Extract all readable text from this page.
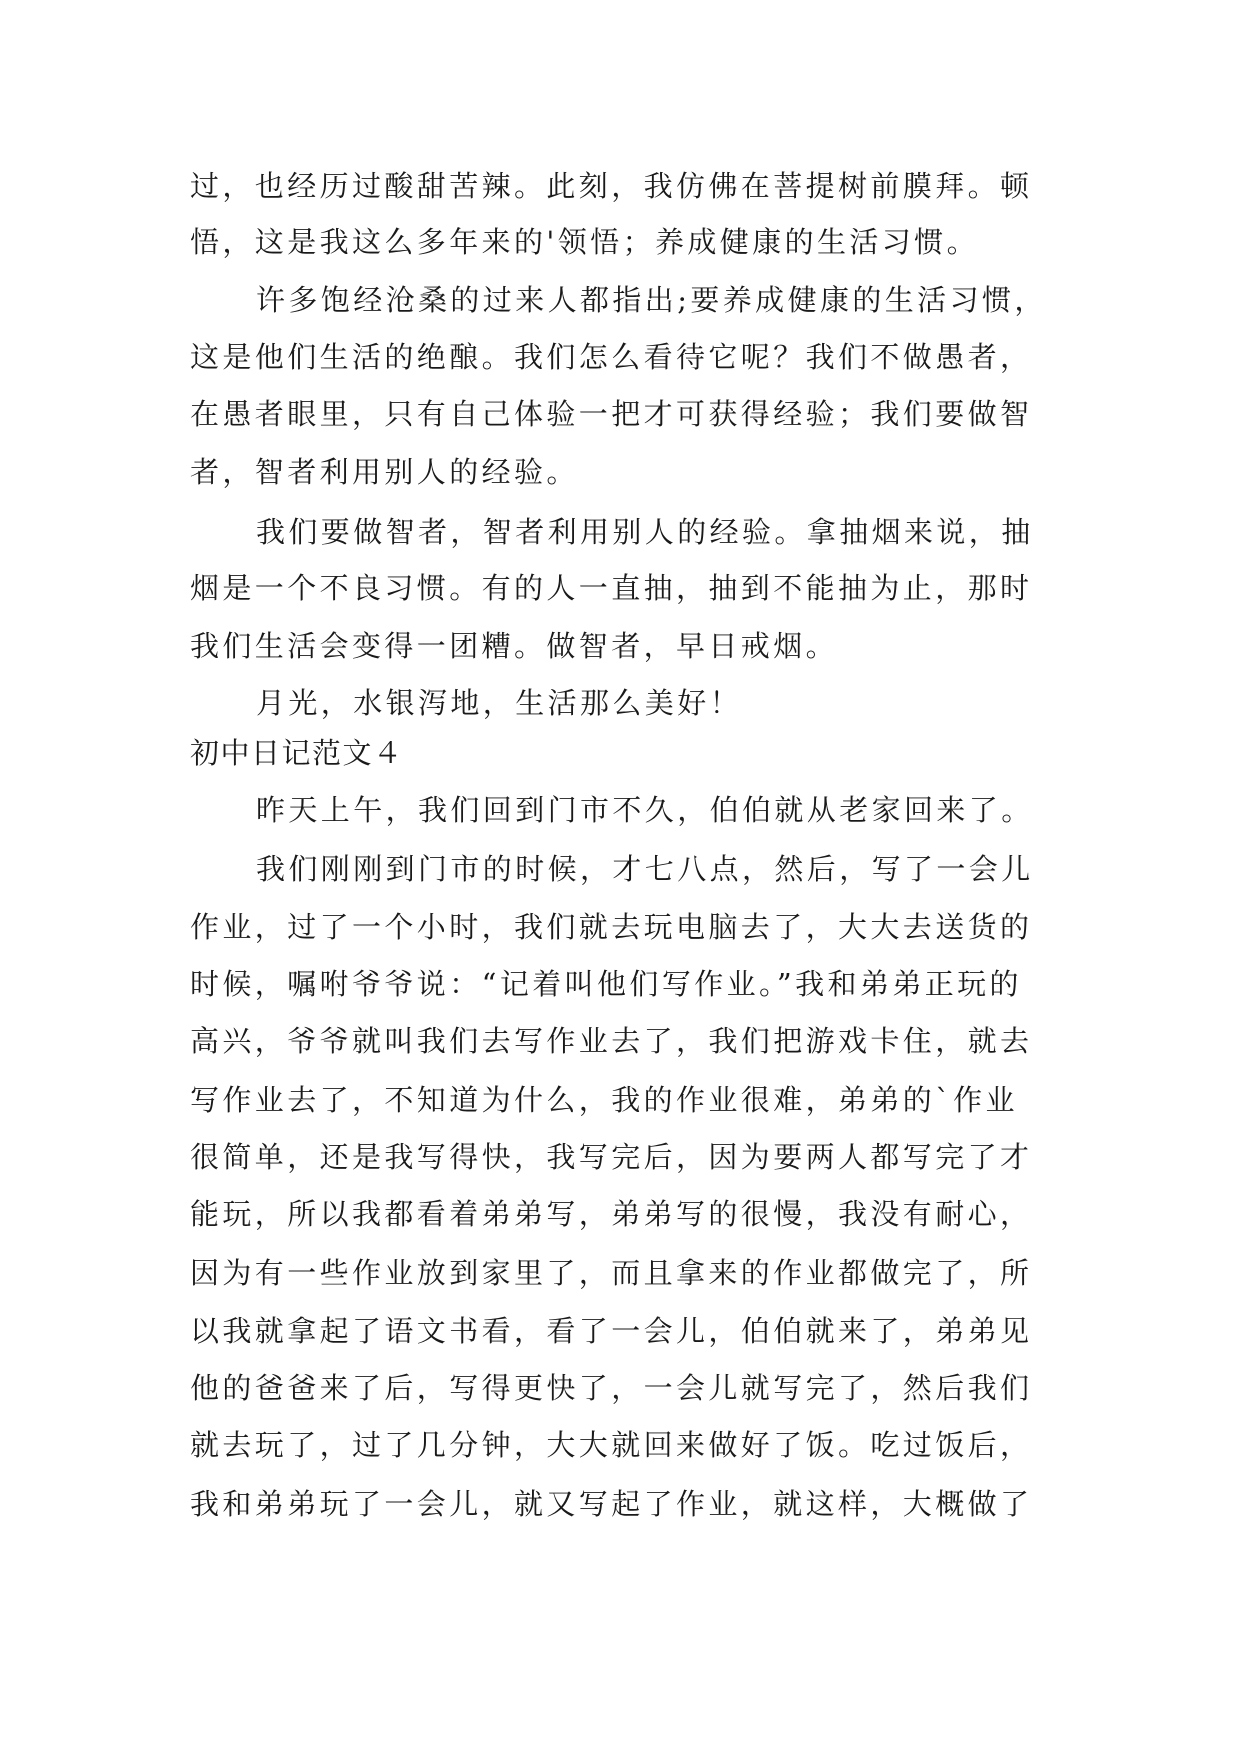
过，也经历过酸甜苦辣。此刻，我仿佛在菩提树前膜拜。顿
悟，这是我这么多年来的'领悟；养成健康的生活习惯。
许多饱经沧桑的过来人都指出;要养成健康的生活习惯，
这是他们生活的绝酿。我们怎么看待它呢？我们不做愚者，
在愚者眼里，只有自己体验一把才可获得经验；我们要做智
者，智者利用别人的经验。
我们要做智者，智者利用别人的经验。拿抽烟来说，抽
烟是一个不良习惯。有的人一直抽，抽到不能抽为止，那时
我们生活会变得一团糟。做智者，早日戒烟。
月光，水银泻地，生活那么美好！
初中日记范文４
昨天上午，我们回到门市不久，伯伯就从老家回来了。
我们刚刚到门市的时候，才七八点，然后，写了一会儿
作业，过了一个小时，我们就去玩电脑去了，大大去送货的
时候，嘱咐爷爷说：“记着叫他们写作业。”我和弟弟正玩的
高兴，爷爷就叫我们去写作业去了，我们把游戏卡住，就去
写作业去了，不知道为什么，我的作业很难，弟弟的`作业
很简单，还是我写得快，我写完后，因为要两人都写完了才
能玩，所以我都看着弟弟写，弟弟写的很慢，我没有耐心，
因为有一些作业放到家里了，而且拿来的作业都做完了，所
以我就拿起了语文书看，看了一会儿，伯伯就来了，弟弟见
他的爸爸来了后，写得更快了，一会儿就写完了，然后我们
就去玩了，过了几分钟，大大就回来做好了饭。吃过饭后，
我和弟弟玩了一会儿，就又写起了作业，就这样，大概做了
